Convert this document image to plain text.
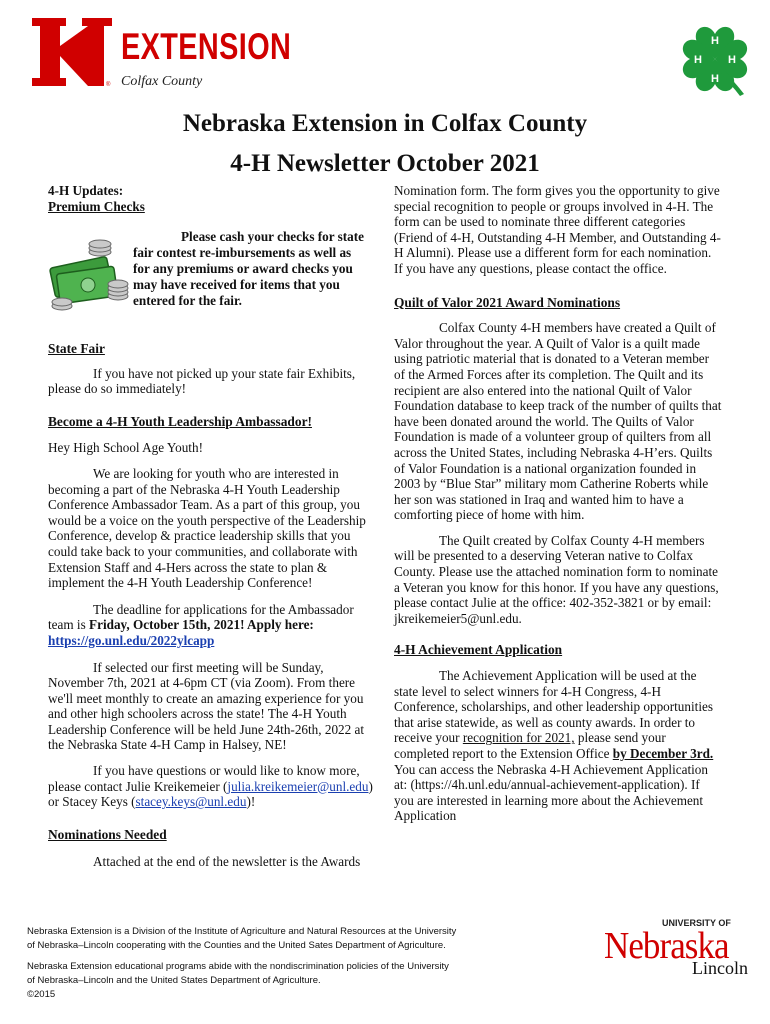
®
EXTENSION
Colfax County
H
H
H H
Nebraska Extension in Colfax County
4-H Newsletter October 2021
4-H Updates:
Premium Checks
Please cash your checks for state fair contest re-imbursements as well as for any premiums or award checks you may have received for items that you entered for the fair.
State Fair

If you have not picked up your state fair Exhibits, please do so immediately!

Become a 4-H Youth Leadership Ambassador!

Hey High School Age Youth!

We are looking for youth who are interested in becoming a part of the Nebraska 4-H Youth Leadership Conference Ambassador Team. As a part of this group, you would be a voice on the youth perspective of the Leadership Conference, develop & practice leadership skills that you could take back to your communities, and collaborate with Extension Staff and 4-Hers across the state to plan & implement the 4-H Youth Leadership Conference!

The deadline for applications for the Ambassador team is Friday, October 15th, 2021! Apply here: https://go.unl.edu/2022ylcapp

If selected our first meeting will be Sunday, November 7th, 2021 at 4-6pm CT (via Zoom). From there we'll meet monthly to create an amazing experience for you and other high schoolers across the state! The 4-H Youth Leadership Conference will be held June 24th-26th, 2022 at the Nebraska State 4-H Camp in Halsey, NE!

If you have questions or would like to know more, please contact Julie Kreikemeier (julia.kreikemeier@unl.edu) or Stacey Keys (stacey.keys@unl.edu)!

Nominations Needed

Attached at the end of the newsletter is the Awards

Nomination form. The form gives you the opportunity to give special recognition to people or groups involved in 4-H. The form can be used to nominate three different categories (Friend of 4-H, Outstanding 4-H Member, and Outstanding 4-H Alumni). Please use a different form for each nomination. If you have any questions, please contact the office.

Quilt of Valor 2021 Award Nominations

Colfax County 4-H members have created a Quilt of Valor throughout the year. A Quilt of Valor is a quilt made using patriotic material that is donated to a Veteran member of the Armed Forces after its completion. The Quilt and its recipient are also entered into the national Quilt of Valor Foundation database to keep track of the number of quilts that have been donated around the world. The Quilts of Valor Foundation is made of a volunteer group of quilters from all across the United States, including Nebraska 4-H’ers. Quilts of Valor Foundation is a national organization founded in 2003 by “Blue Star” military mom Catherine Roberts while her son was stationed in Iraq and wanted him to have a comforting piece of home with him.

The Quilt created by Colfax County 4-H members will be presented to a deserving Veteran native to Colfax County. Please use the attached nomination form to nominate a Veteran you know for this honor. If you have any questions, please contact Julie at the office: 402-352-3821 or by email: jkreikemeier5@unl.edu.

4-H Achievement Application

The Achievement Application will be used at the state level to select winners for 4-H Congress, 4-H Conference, scholarships, and other leadership opportunities that arise statewide, as well as county awards. In order to receive your recognition for 2021, please send your completed report to the Extension Office by December 3rd. You can access the Nebraska 4-H Achievement Application at: (https://4h.unl.edu/annual-achievement-application). If you are interested in learning more about the Achievement Application

Nebraska Extension is a Division of the Institute of Agriculture and Natural Resources at the University
of Nebraska–Lincoln cooperating with the Counties and the United Sates Department of Agriculture.
Nebraska Extension educational programs abide with the nondiscrimination policies of the University
of Nebraska–Lincoln and the United States Department of Agriculture.
©2015
UNIVERSITY OF
Nebraska
Lincoln
